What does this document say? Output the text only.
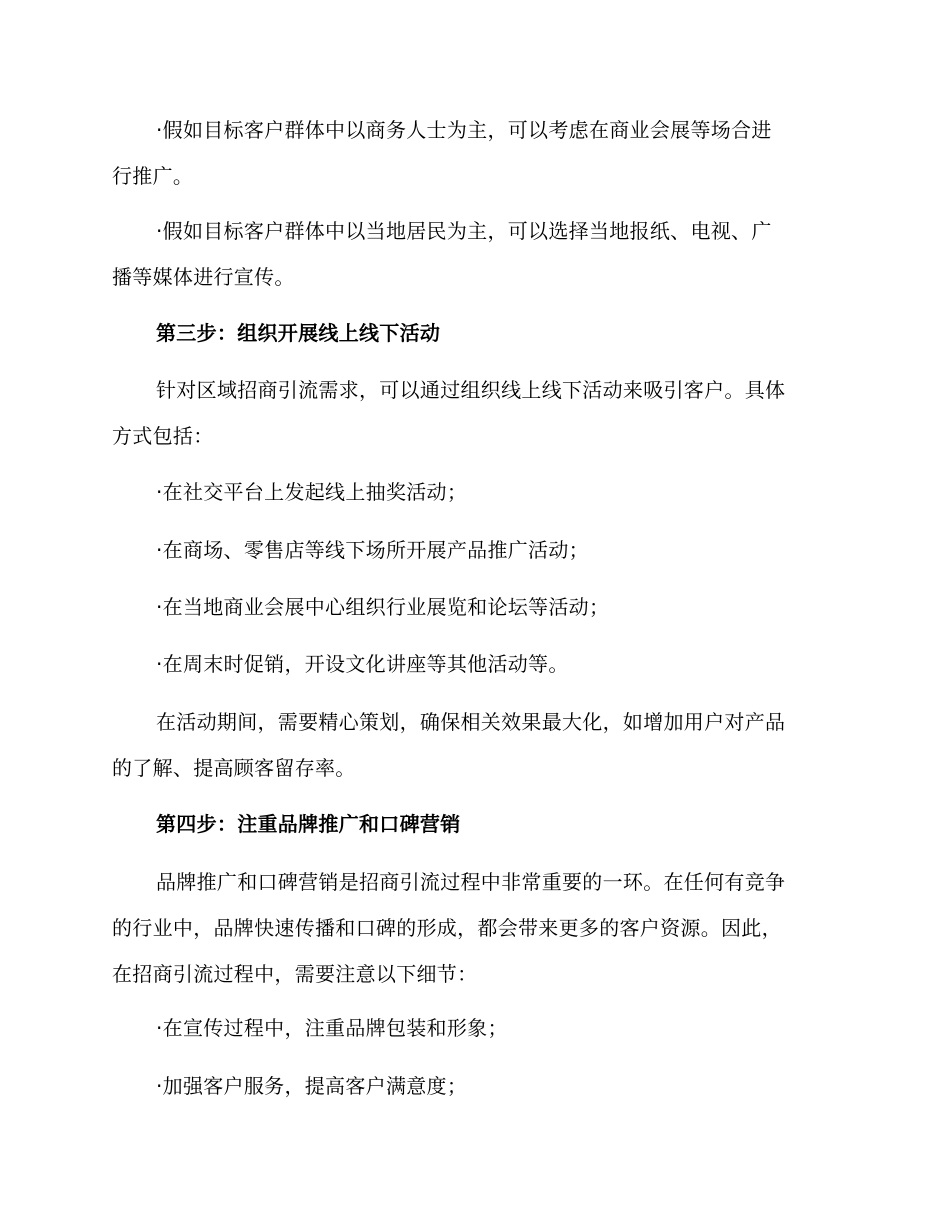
·假如目标客户群体中以商务人士为主，可以考虑在商业会展等场合进
行推广。

·假如目标客户群体中以当地居民为主，可以选择当地报纸、电视、广
播等媒体进行宣传。

第三步：组织开展线上线下活动

针对区域招商引流需求，可以通过组织线上线下活动来吸引客户。具体
方式包括：

·在社交平台上发起线上抽奖活动；

·在商场、零售店等线下场所开展产品推广活动；

·在当地商业会展中心组织行业展览和论坛等活动；

·在周末时促销，开设文化讲座等其他活动等。

在活动期间，需要精心策划，确保相关效果最大化，如增加用户对产品
的了解、提高顾客留存率。

第四步：注重品牌推广和口碑营销

品牌推广和口碑营销是招商引流过程中非常重要的一环。在任何有竞争
的行业中，品牌快速传播和口碑的形成，都会带来更多的客户资源。因此，
在招商引流过程中，需要注意以下细节：

·在宣传过程中，注重品牌包装和形象；

·加强客户服务，提高客户满意度；
